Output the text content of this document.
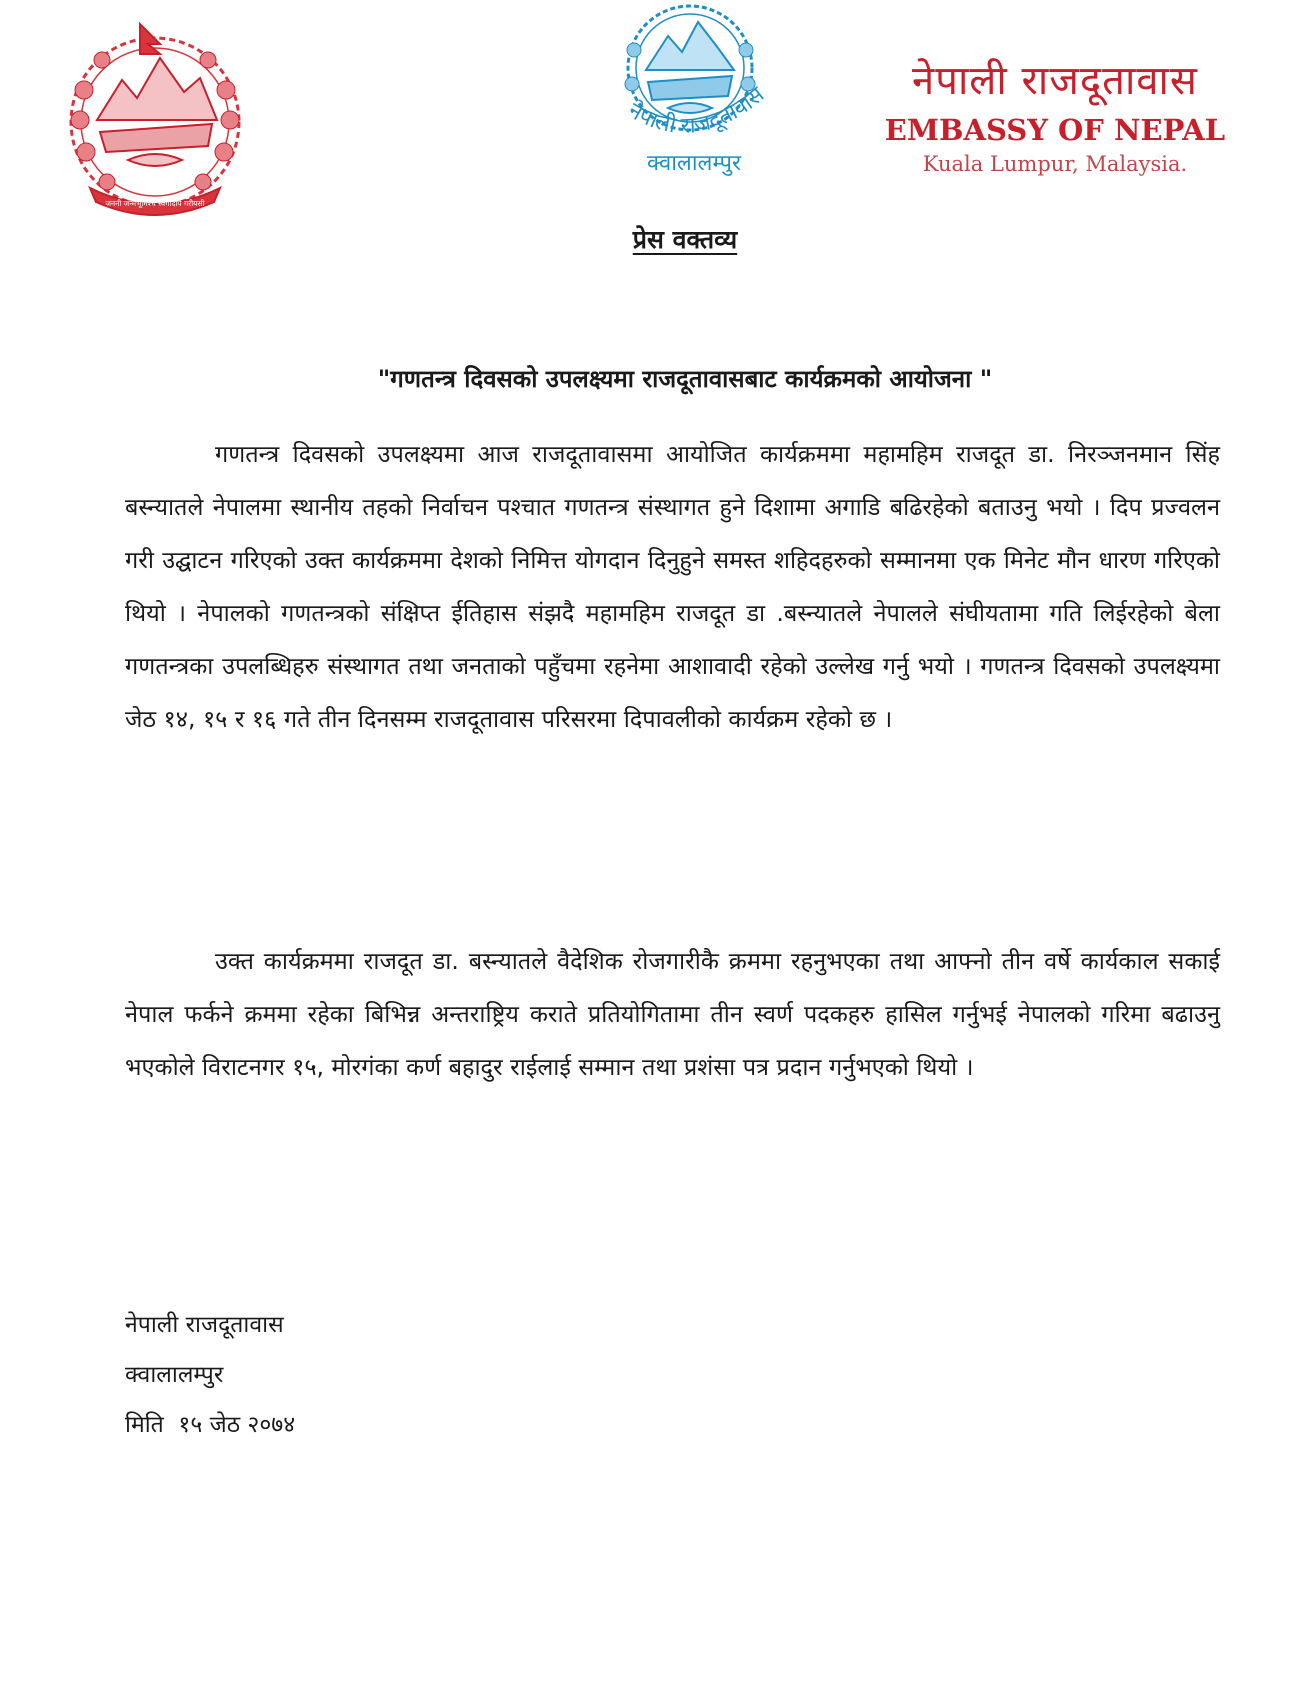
जननी जन्मभूमिश्च स्वर्गादपि गरीयसी
नेपाली राजदूतावास
क्वालालम्पुर
नेपाली राजदूतावास
EMBASSY OF NEPAL
Kuala Lumpur, Malaysia.
प्रेस वक्तव्य
"गणतन्त्र दिवसको उपलक्ष्यमा राजदूतावासबाट कार्यक्रमको आयोजना "
गणतन्त्र दिवसको उपलक्ष्यमा आज राजदूतावासमा आयोजित कार्यक्रममा महामहिम राजदूत डा. निरञ्जनमान सिंह बस्न्यातले नेपालमा स्थानीय तहको निर्वाचन पश्चात गणतन्त्र संस्थागत हुने दिशामा अगाडि बढिरहेको बताउनु भयो । दिप प्रज्वलन गरी उद्घाटन गरिएको उक्त कार्यक्रममा देशको निमित्त योगदान दिनुहुने समस्त शहिदहरुको सम्मानमा एक मिनेट मौन धारण गरिएको थियो । नेपालको गणतन्त्रको संक्षिप्त ईतिहास संझदै महामहिम राजदूत डा .बस्न्यातले नेपालले संघीयतामा गति लिईरहेको बेला गणतन्त्रका उपलब्धिहरु संस्थागत तथा जनताको पहुँचमा रहनेमा आशावादी रहेको उल्लेख गर्नु भयो । गणतन्त्र दिवसको उपलक्ष्यमा जेठ १४, १५ र १६ गते तीन दिनसम्म राजदूतावास परिसरमा दिपावलीको कार्यक्रम रहेको छ ।
उक्त कार्यक्रममा राजदूत डा. बस्न्यातले वैदेशिक रोजगारीकै क्रममा रहनुभएका तथा आफ्नो तीन वर्षे कार्यकाल सकाई नेपाल फर्कने क्रममा रहेका बिभिन्न अन्तराष्ट्रिय कराते प्रतियोगितामा तीन स्वर्ण पदकहरु हासिल गर्नुभई नेपालको गरिमा बढाउनु भएकोले विराटनगर १५, मोरगंका कर्ण बहादुर राईलाई सम्मान तथा प्रशंसा पत्र प्रदान गर्नुभएको थियो ।
नेपाली राजदूतावास
क्वालालम्पुर
मिति  १५ जेठ २०७४
